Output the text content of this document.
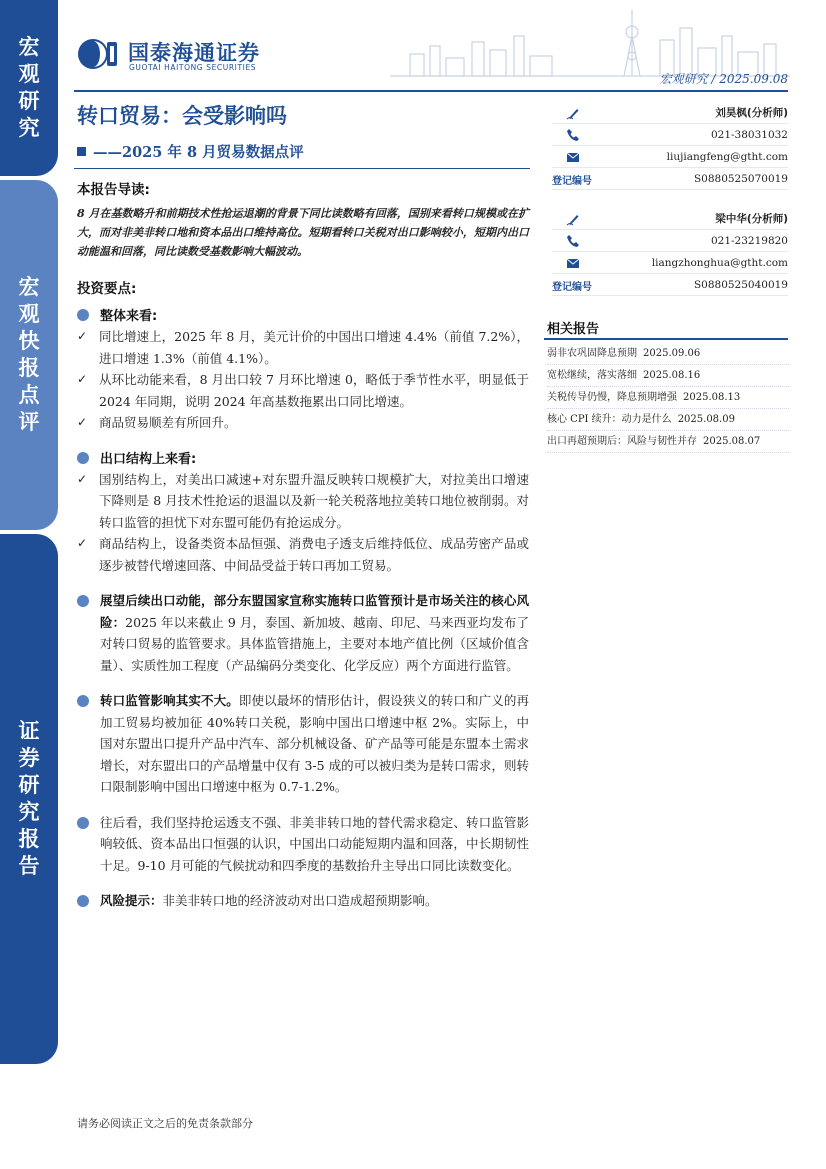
宏
观
研
究
宏
观
快
报
点
评
证
券
研
究
报
告
国泰海通证券
GUOTAI HAITONG SECURITIES
宏观研究 / 2025.09.08
转口贸易：会受影响吗
——2025 年 8 月贸易数据点评
本报告导读:
8 月在基数略升和前期技术性抢运退潮的背景下同比读数略有回落，国别来看转口规模或在扩大，而对非美非转口地和资本品出口维持高位。短期看转口关税对出口影响较小，短期内出口动能温和回落，同比读数受基数影响大幅波动。
投资要点:
整体来看:
✓ 同比增速上，2025 年 8 月，美元计价的中国出口增速 4.4%（前值 7.2%），进口增速 1.3%（前值 4.1%）。
✓ 从环比动能来看，8 月出口较 7 月环比增速 0，略低于季节性水平，明显低于 2024 年同期，说明 2024 年高基数拖累出口同比增速。
✓ 商品贸易顺差有所回升。
出口结构上来看:
✓ 国别结构上，对美出口减速+对东盟升温反映转口规模扩大，对拉美出口增速下降则是 8 月技术性抢运的退温以及新一轮关税落地拉美转口地位被削弱。对转口监管的担忧下对东盟可能仍有抢运成分。
✓ 商品结构上，设备类资本品恒强、消费电子透支后维持低位、成品劳密产品或逐步被替代增速回落、中间品受益于转口再加工贸易。
展望后续出口动能，部分东盟国家宣称实施转口监管预计是市场关注的核心风险：2025 年以来截止 9 月，泰国、新加坡、越南、印尼、马来西亚均发布了对转口贸易的监管要求。具体监管措施上，主要对本地产值比例（区域价值含量）、实质性加工程度（产品编码分类变化、化学反应）两个方面进行监管。
转口监管影响其实不大。即使以最坏的情形估计，假设狭义的转口和广义的再加工贸易均被加征 40%转口关税，影响中国出口增速中枢 2%。实际上，中国对东盟出口提升产品中汽车、部分机械设备、矿产品等可能是东盟本土需求增长，对东盟出口的产品增量中仅有 3-5 成的可以被归类为是转口需求，则转口限制影响中国出口增速中枢为 0.7-1.2%。
往后看，我们坚持抢运透支不强、非美非转口地的替代需求稳定、转口监管影响较低、资本品出口恒强的认识，中国出口动能短期内温和回落，中长期韧性十足。9-10 月可能的气候扰动和四季度的基数抬升主导出口同比读数变化。
风险提示：非美非转口地的经济波动对出口造成超预期影响。
刘昊枫(分析师)
021-38031032
liujiangfeng@gtht.com
登记编号	S0880525070019
梁中华(分析师)
021-23219820
liangzhonghua@gtht.com
登记编号	S0880525040019
相关报告
弱非农巩固降息预期 2025.09.06
宽松继续，落实落细 2025.08.16
关税传导仍慢，降息预期增强 2025.08.13
核心 CPI 续升：动力是什么 2025.08.09
出口再超预期后：风险与韧性并存 2025.08.07
请务必阅读正文之后的免责条款部分
